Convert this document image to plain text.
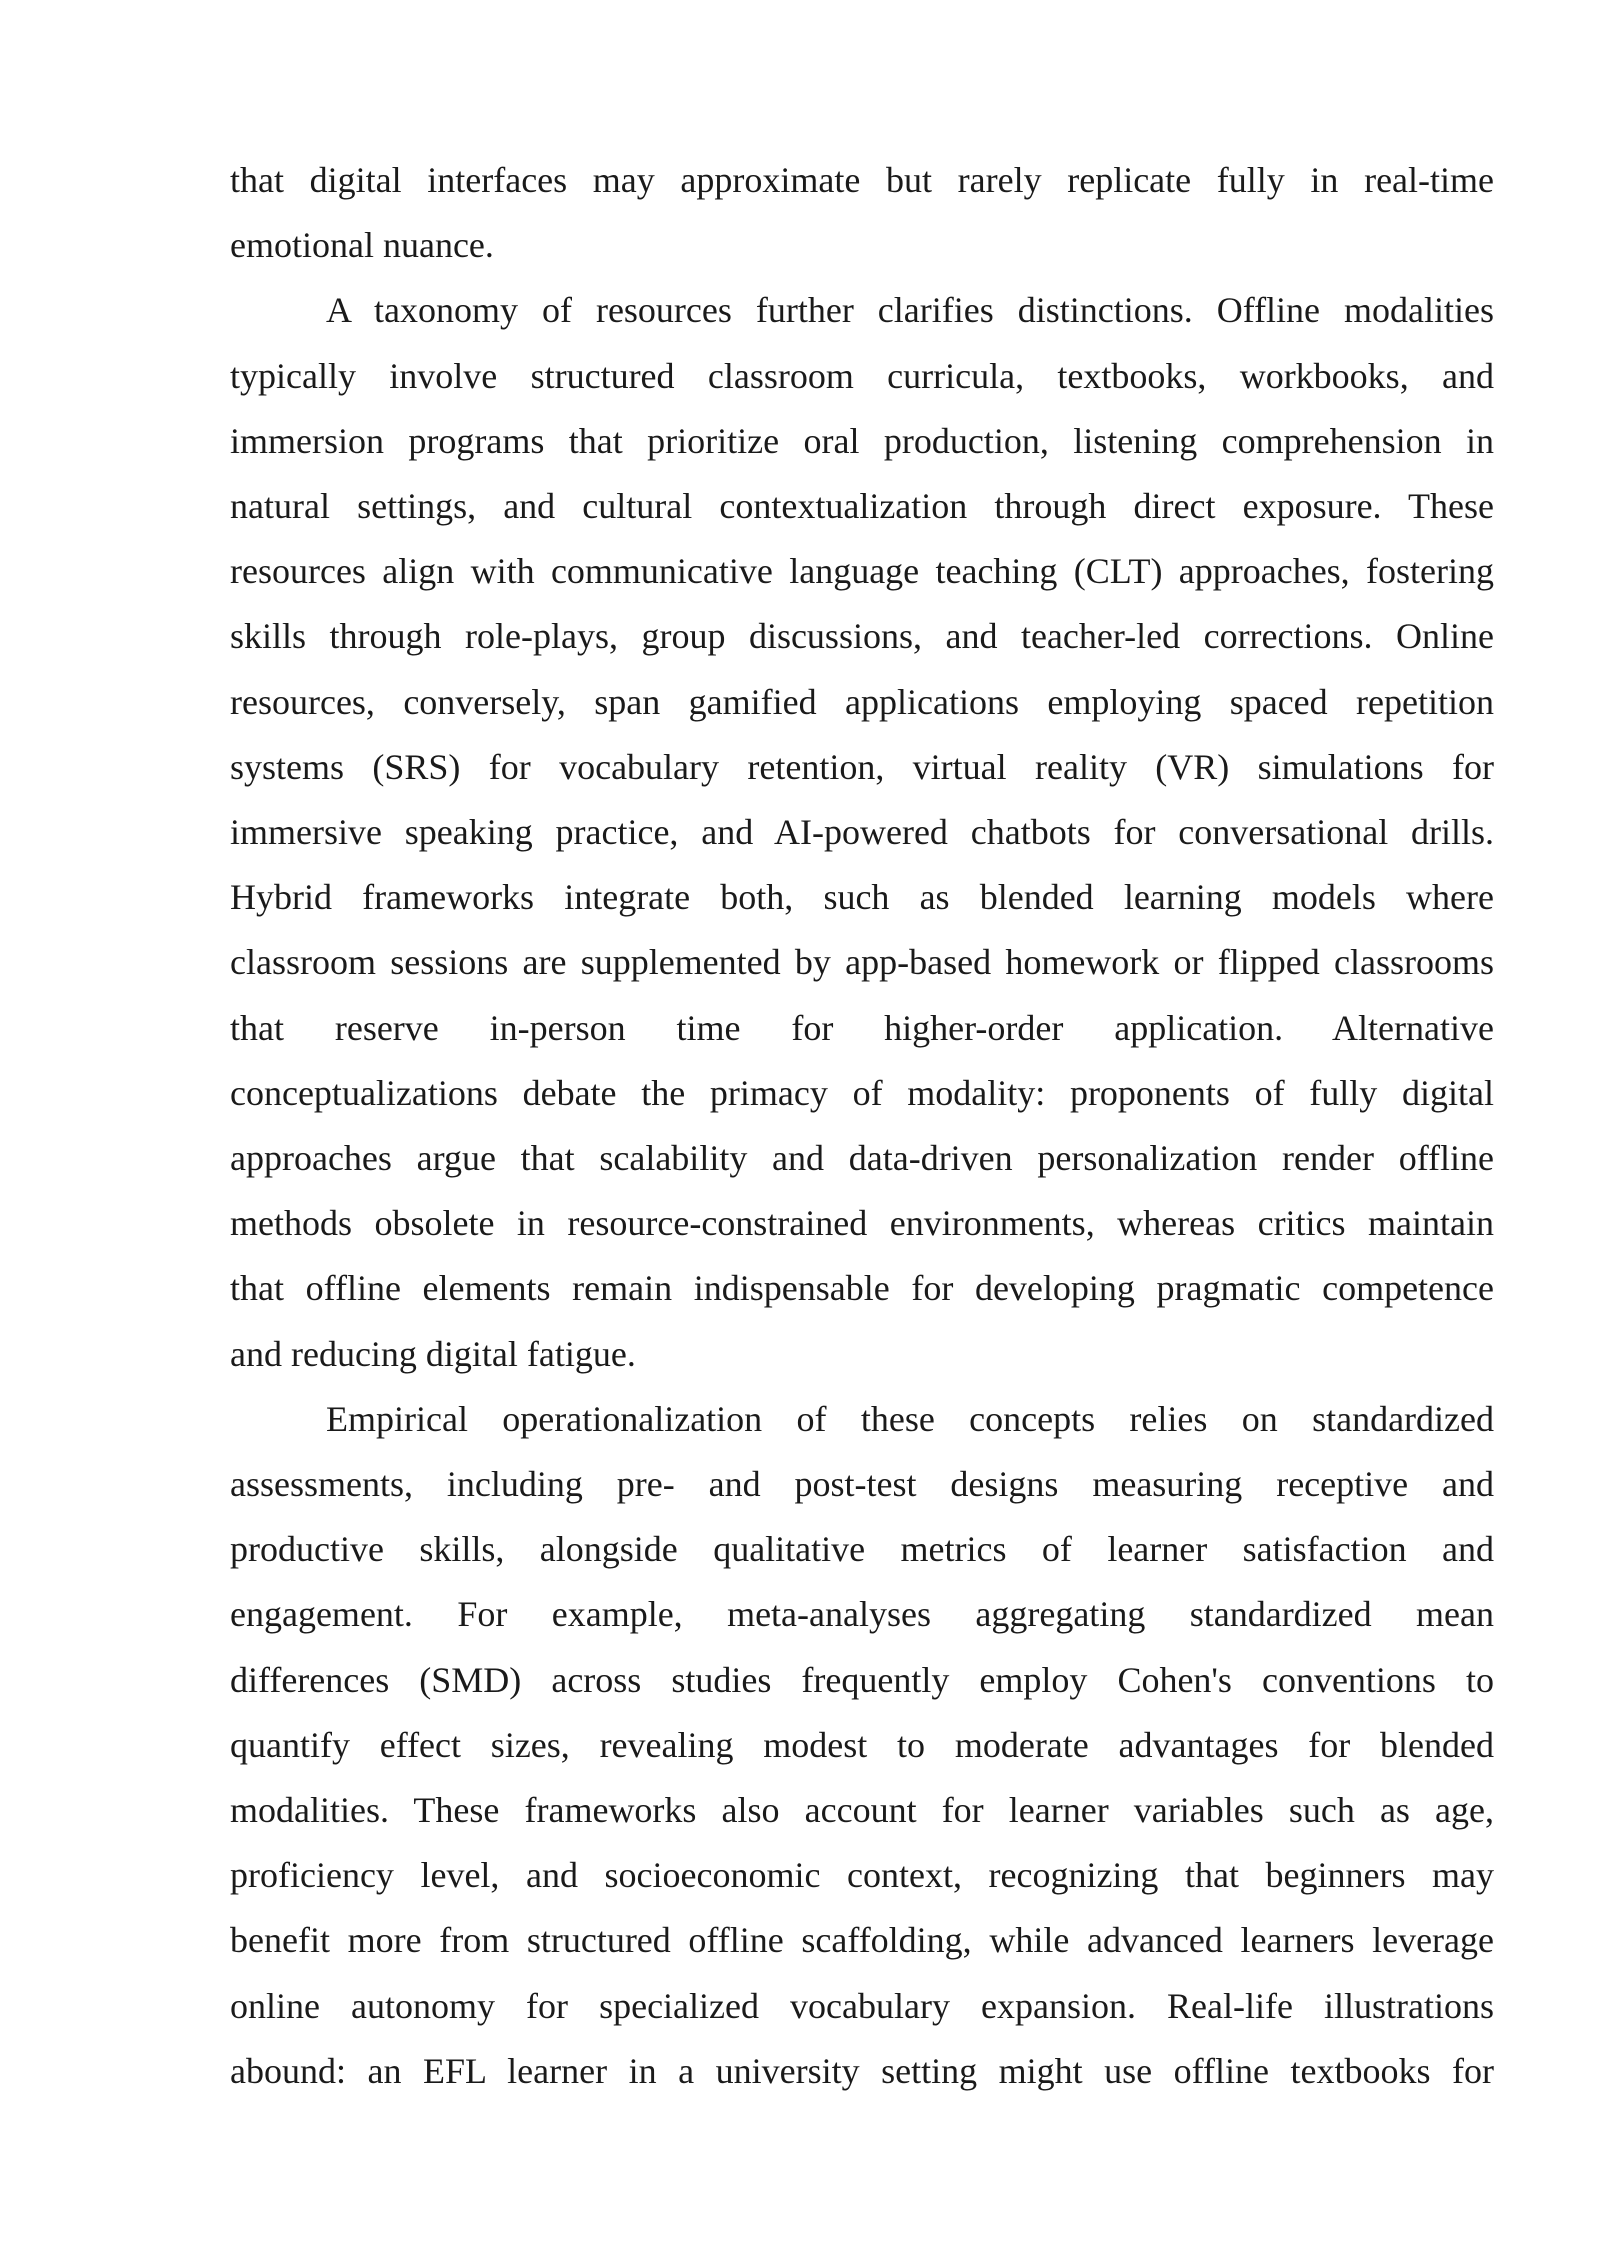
that digital interfaces may approximate but rarely replicate fully in real-time
emotional nuance.

A taxonomy of resources further clarifies distinctions. Offline modalities
typically involve structured classroom curricula, textbooks, workbooks, and
immersion programs that prioritize oral production, listening comprehension in
natural settings, and cultural contextualization through direct exposure. These
resources align with communicative language teaching (CLT) approaches, fostering
skills through role-plays, group discussions, and teacher-led corrections. Online
resources, conversely, span gamified applications employing spaced repetition
systems (SRS) for vocabulary retention, virtual reality (VR) simulations for
immersive speaking practice, and AI-powered chatbots for conversational drills.
Hybrid frameworks integrate both, such as blended learning models where
classroom sessions are supplemented by app-based homework or flipped classrooms
that reserve in-person time for higher-order application. Alternative
conceptualizations debate the primacy of modality: proponents of fully digital
approaches argue that scalability and data-driven personalization render offline
methods obsolete in resource-constrained environments, whereas critics maintain
that offline elements remain indispensable for developing pragmatic competence
and reducing digital fatigue.

Empirical operationalization of these concepts relies on standardized
assessments, including pre- and post-test designs measuring receptive and
productive skills, alongside qualitative metrics of learner satisfaction and
engagement. For example, meta-analyses aggregating standardized mean
differences (SMD) across studies frequently employ Cohen's conventions to
quantify effect sizes, revealing modest to moderate advantages for blended
modalities. These frameworks also account for learner variables such as age,
proficiency level, and socioeconomic context, recognizing that beginners may
benefit more from structured offline scaffolding, while advanced learners leverage
online autonomy for specialized vocabulary expansion. Real-life illustrations
abound: an EFL learner in a university setting might use offline textbooks for
